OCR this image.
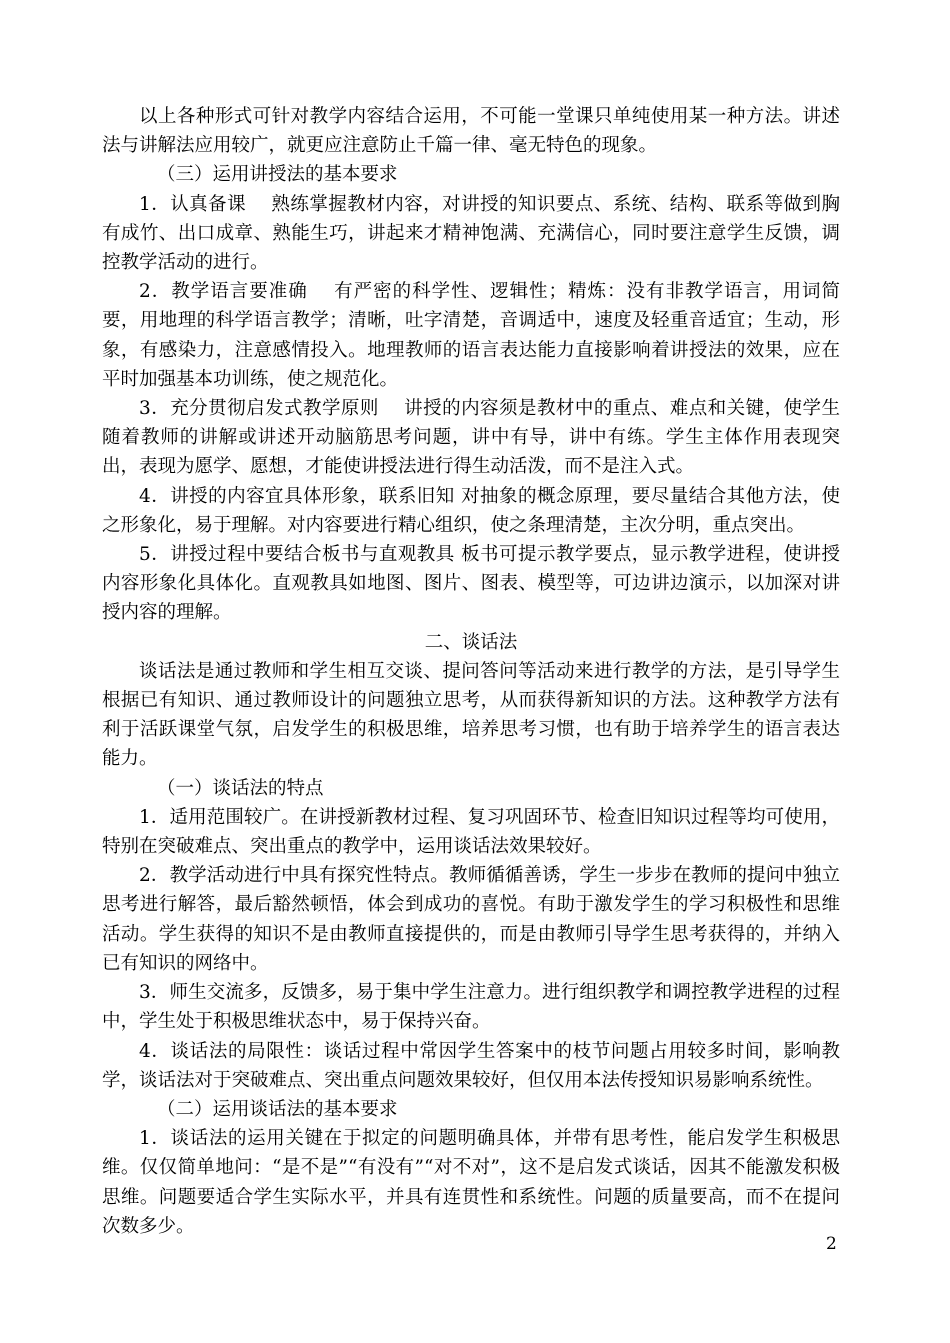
以上各种形式可针对教学内容结合运用，不可能一堂课只单纯使用某一种方法。讲述法与讲解法应用较广，就更应注意防止千篇一律、毫无特色的现象。

（三）运用讲授法的基本要求

1．认真备课　 熟练掌握教材内容，对讲授的知识要点、系统、结构、联系等做到胸有成竹、出口成章、熟能生巧，讲起来才精神饱满、充满信心，同时要注意学生反馈，调控教学活动的进行。

2．教学语言要准确　 有严密的科学性、逻辑性；精炼：没有非教学语言，用词简要，用地理的科学语言教学；清晰，吐字清楚，音调适中，速度及轻重音适宜；生动，形象，有感染力，注意感情投入。地理教师的语言表达能力直接影响着讲授法的效果，应在平时加强基本功训练，使之规范化。

3．充分贯彻启发式教学原则　 讲授的内容须是教材中的重点、难点和关键，使学生随着教师的讲解或讲述开动脑筋思考问题，讲中有导，讲中有练。学生主体作用表现突出，表现为愿学、愿想，才能使讲授法进行得生动活泼，而不是注入式。

4．讲授的内容宜具体形象，联系旧知 对抽象的概念原理，要尽量结合其他方法，使之形象化，易于理解。对内容要进行精心组织，使之条理清楚，主次分明，重点突出。

5．讲授过程中要结合板书与直观教具 板书可提示教学要点，显示教学进程，使讲授内容形象化具体化。直观教具如地图、图片、图表、模型等，可边讲边演示，以加深对讲授内容的理解。

二、谈话法

谈话法是通过教师和学生相互交谈、提问答问等活动来进行教学的方法，是引导学生根据已有知识、通过教师设计的问题独立思考，从而获得新知识的方法。这种教学方法有利于活跃课堂气氛，启发学生的积极思维，培养思考习惯，也有助于培养学生的语言表达能力。

（一）谈话法的特点

1．适用范围较广。在讲授新教材过程、复习巩固环节、检查旧知识过程等均可使用，特别在突破难点、突出重点的教学中，运用谈话法效果较好。

2．教学活动进行中具有探究性特点。教师循循善诱，学生一步步在教师的提问中独立思考进行解答，最后豁然顿悟，体会到成功的喜悦。有助于激发学生的学习积极性和思维活动。学生获得的知识不是由教师直接提供的，而是由教师引导学生思考获得的，并纳入已有知识的网络中。

3．师生交流多，反馈多，易于集中学生注意力。进行组织教学和调控教学进程的过程中，学生处于积极思维状态中，易于保持兴奋。

4．谈话法的局限性：谈话过程中常因学生答案中的枝节问题占用较多时间，影响教学，谈话法对于突破难点、突出重点问题效果较好，但仅用本法传授知识易影响系统性。

（二）运用谈话法的基本要求

1．谈话法的运用关键在于拟定的问题明确具体，并带有思考性，能启发学生积极思维。仅仅简单地问：“是不是”“有没有”“对不对”，这不是启发式谈话，因其不能激发积极思维。问题要适合学生实际水平，并具有连贯性和系统性。问题的质量要高，而不在提问次数多少。

2
